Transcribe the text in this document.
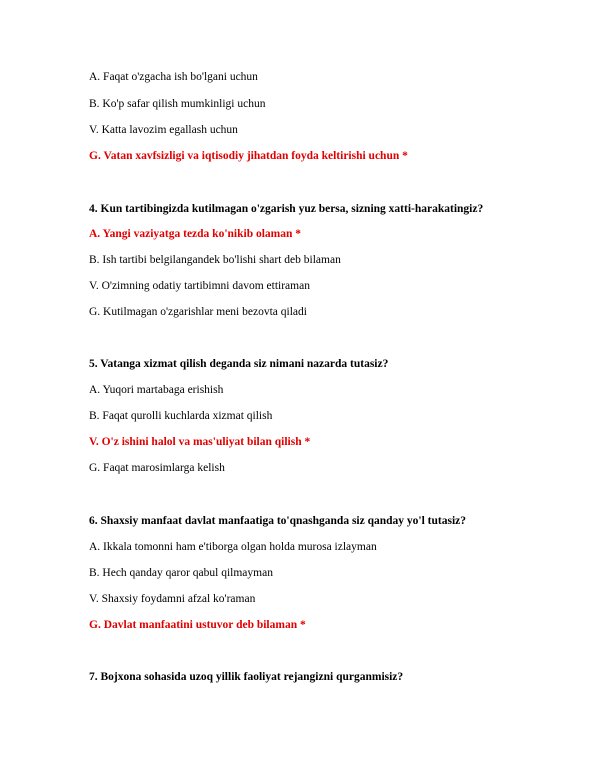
A. Faqat o'zgacha ish bo'lgani uchun
B. Ko'p safar qilish mumkinligi uchun
V. Katta lavozim egallash uchun
G. Vatan xavfsizligi va iqtisodiy jihatdan foyda keltirishi uchun *
4. Kun tartibingizda kutilmagan o'zgarish yuz bersa, sizning xatti-harakatingiz?
A. Yangi vaziyatga tezda ko'nikib olaman *
B. Ish tartibi belgilangandek bo'lishi shart deb bilaman
V. O'zimning odatiy tartibimni davom ettiraman
G. Kutilmagan o'zgarishlar meni bezovta qiladi
5. Vatanga xizmat qilish deganda siz nimani nazarda tutasiz?
A. Yuqori martabaga erishish
B. Faqat qurolli kuchlarda xizmat qilish
V. O'z ishini halol va mas'uliyat bilan qilish *
G. Faqat marosimlarga kelish
6. Shaxsiy manfaat davlat manfaatiga to'qnashganda siz qanday yo'l tutasiz?
A. Ikkala tomonni ham e'tiborga olgan holda murosa izlayman
B. Hech qanday qaror qabul qilmayman
V. Shaxsiy foydamni afzal ko'raman
G. Davlat manfaatini ustuvor deb bilaman *
7. Bojxona sohasida uzoq yillik faoliyat rejangizni qurganmisiz?
